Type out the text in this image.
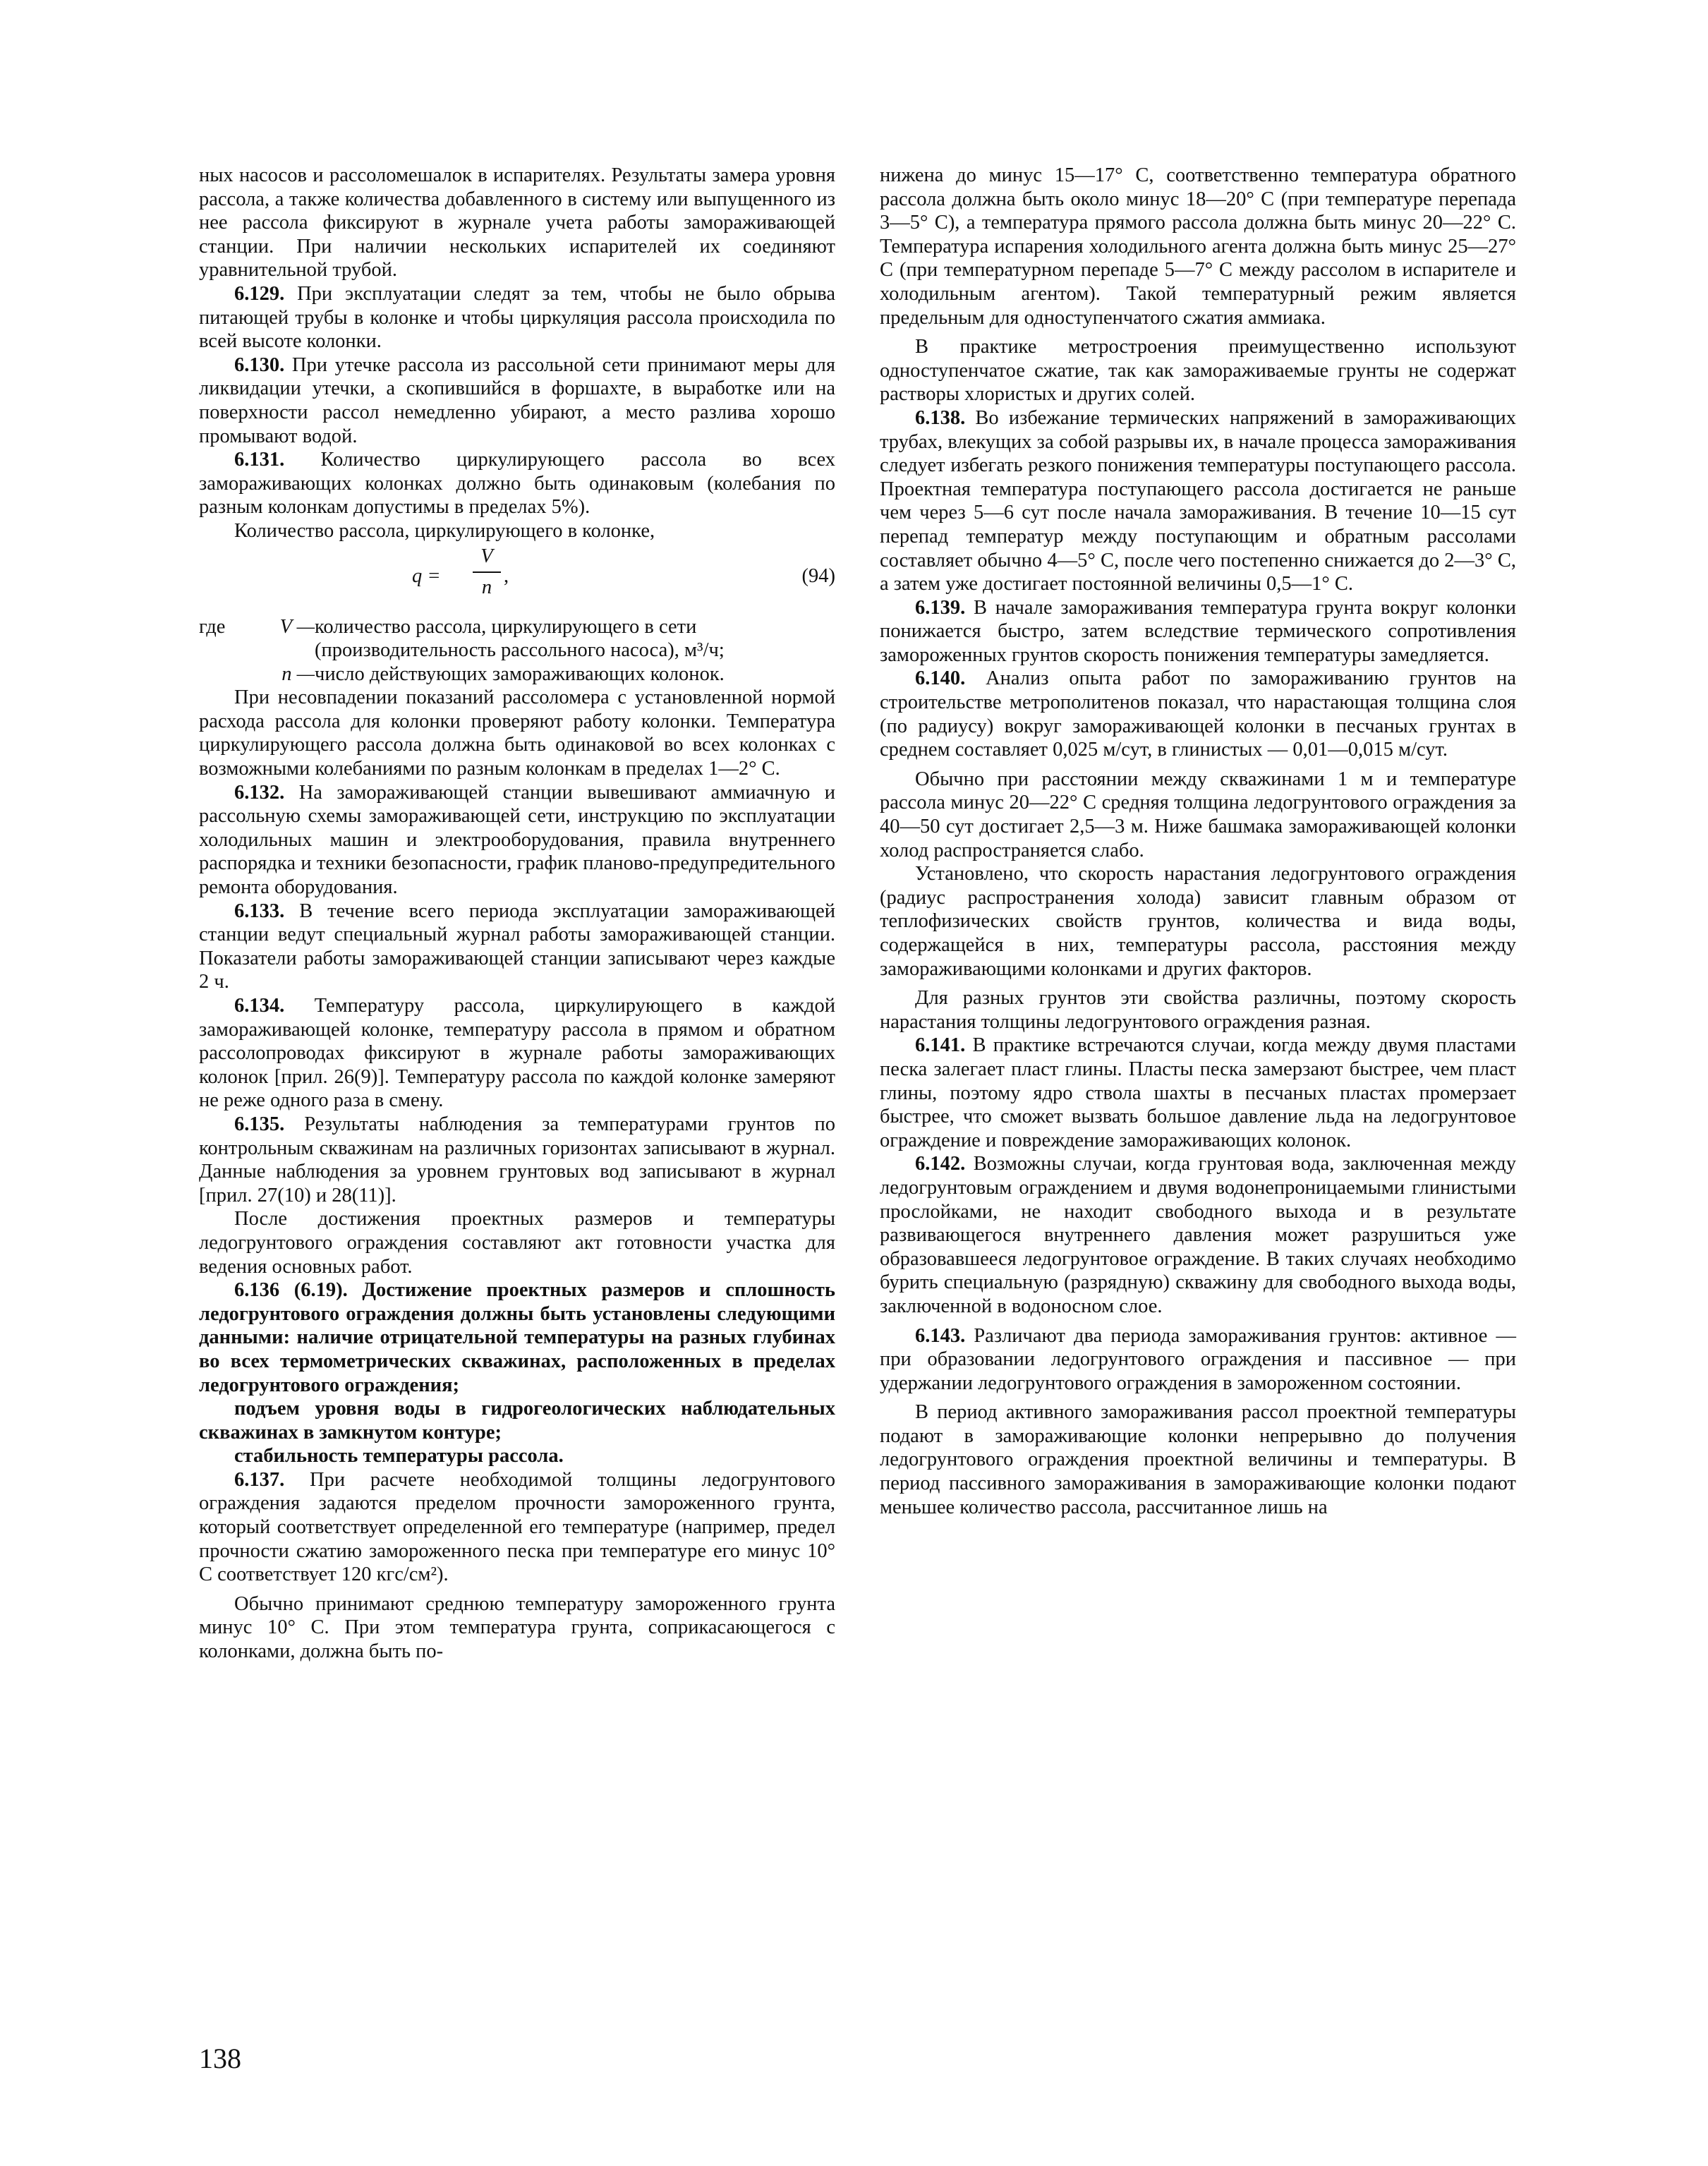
ных насосов и рассоломешалок в испарителях. Результаты замера уровня рассола, а также количества добавленного в систему или выпущенного из нее рассола фиксируют в журнале учета работы замораживающей станции. При наличии нескольких испарителей их соединяют уравнительной трубой.

6.129. При эксплуатации следят за тем, чтобы не было обрыва питающей трубы в колонке и чтобы циркуляция рассола происходила по всей высоте колонки.

6.130. При утечке рассола из рассольной сети принимают меры для ликвидации утечки, а скопившийся в форшахте, в выработке или на поверхности рассол немедленно убирают, а место разлива хорошо промывают водой.

6.131. Количество циркулирующего рассола во всех замораживающих колонках должно быть одинаковым (колебания по разным колонкам допустимы в пределах 5%).

Количество рассола, циркулирующего в колонке,

q =
V
n
,	(94)
где	V — количество рассола, циркулирующего в сети
(производительность рассольного насоса), м³/ч;
n — число действующих замораживающих колонок.

При несовпадении показаний рассоломера с установленной нормой расхода рассола для колонки проверяют работу колонки. Температура циркулирующего рассола должна быть одинаковой во всех колонках с возможными колебаниями по разным колонкам в пределах 1—2° С.

6.132. На замораживающей станции вывешивают аммиачную и рассольную схемы замораживающей сети, инструкцию по эксплуатации холодильных машин и электрооборудования, правила внутреннего распорядка и техники безопасности, график планово-предупредительного ремонта оборудования.

6.133. В течение всего периода эксплуатации замораживающей станции ведут специальный журнал работы замораживающей станции. Показатели работы замораживающей станции записывают через каждые 2 ч.

6.134. Температуру рассола, циркулирующего в каждой замораживающей колонке, температуру рассола в прямом и обратном рассолопроводах фиксируют в журнале работы замораживающих колонок [прил. 26(9)]. Температуру рассола по каждой колонке замеряют не реже одного раза в смену.

6.135. Результаты наблюдения за температурами грунтов по контрольным скважинам на различных горизонтах записывают в журнал. Данные наблюдения за уровнем грунтовых вод записывают в журнал [прил. 27(10) и 28(11)].

После достижения проектных размеров и температуры ледогрунтового ограждения составляют акт готовности участка для ведения основных работ.

6.136 (6.19). Достижение проектных размеров и сплошность ледогрунтового ограждения должны быть установлены следующими данными: наличие отрицательной температуры на разных глубинах во всех термометрических скважинах, расположенных в пределах ледогрунтового ограждения;

подъем уровня воды в гидрогеологических наблюдательных скважинах в замкнутом контуре;

стабильность температуры рассола.

6.137. При расчете необходимой толщины ледогрунтового ограждения задаются пределом прочности замороженного грунта, который соответствует определенной его температуре (например, предел прочности сжатию замороженного песка при температуре его минус 10° С соответствует 120 кгс/см²).

Обычно принимают среднюю температуру замороженного грунта минус 10° С. При этом температура грунта, соприкасающегося с колонками, должна быть по-

нижена до минус 15—17° С, соответственно температура обратного рассола должна быть около минус 18—20° С (при температуре перепада 3—5° С), а температура прямого рассола должна быть минус 20—22° С. Температура испарения холодильного агента должна быть минус 25—27° С (при температурном перепаде 5—7° С между рассолом в испарителе и холодильным агентом). Такой температурный режим является предельным для одноступенчатого сжатия аммиака.

В практике метростроения преимущественно используют одноступенчатое сжатие, так как замораживаемые грунты не содержат растворы хлористых и других солей.

6.138. Во избежание термических напряжений в замораживающих трубах, влекущих за собой разрывы их, в начале процесса замораживания следует избегать резкого понижения температуры поступающего рассола. Проектная температура поступающего рассола достигается не раньше чем через 5—6 сут после начала замораживания. В течение 10—15 сут перепад температур между поступающим и обратным рассолами составляет обычно 4—5° С, после чего постепенно снижается до 2—3° С, а затем уже достигает постоянной величины 0,5—1° С.

6.139. В начале замораживания температура грунта вокруг колонки понижается быстро, затем вследствие термического сопротивления замороженных грунтов скорость понижения температуры замедляется.

6.140. Анализ опыта работ по замораживанию грунтов на строительстве метрополитенов показал, что нарастающая толщина слоя (по радиусу) вокруг замораживающей колонки в песчаных грунтах в среднем составляет 0,025 м/сут, в глинистых — 0,01—0,015 м/сут.

Обычно при расстоянии между скважинами 1 м и температуре рассола минус 20—22° С средняя толщина ледогрунтового ограждения за 40—50 сут достигает 2,5—3 м. Ниже башмака замораживающей колонки холод распространяется слабо.

Установлено, что скорость нарастания ледогрунтового ограждения (радиус распространения холода) зависит главным образом от теплофизических свойств грунтов, количества и вида воды, содержащейся в них, температуры рассола, расстояния между замораживающими колонками и других факторов.

Для разных грунтов эти свойства различны, поэтому скорость нарастания толщины ледогрунтового ограждения разная.

6.141. В практике встречаются случаи, когда между двумя пластами песка залегает пласт глины. Пласты песка замерзают быстрее, чем пласт глины, поэтому ядро ствола шахты в песчаных пластах промерзает быстрее, что сможет вызвать большое давление льда на ледогрунтовое ограждение и повреждение замораживающих колонок.

6.142. Возможны случаи, когда грунтовая вода, заключенная между ледогрунтовым ограждением и двумя водонепроницаемыми глинистыми прослойками, не находит свободного выхода и в результате развивающегося внутреннего давления может разрушиться уже образовавшееся ледогрунтовое ограждение. В таких случаях необходимо бурить специальную (разрядную) скважину для свободного выхода воды, заключенной в водоносном слое.

6.143. Различают два периода замораживания грунтов: активное — при образовании ледогрунтового ограждения и пассивное — при удержании ледогрунтового ограждения в замороженном состоянии.

В период активного замораживания рассол проектной температуры подают в замораживающие колонки непрерывно до получения ледогрунтового ограждения проектной величины и температуры. В период пассивного замораживания в замораживающие колонки подают меньшее количество рассола, рассчитанное лишь на

138
